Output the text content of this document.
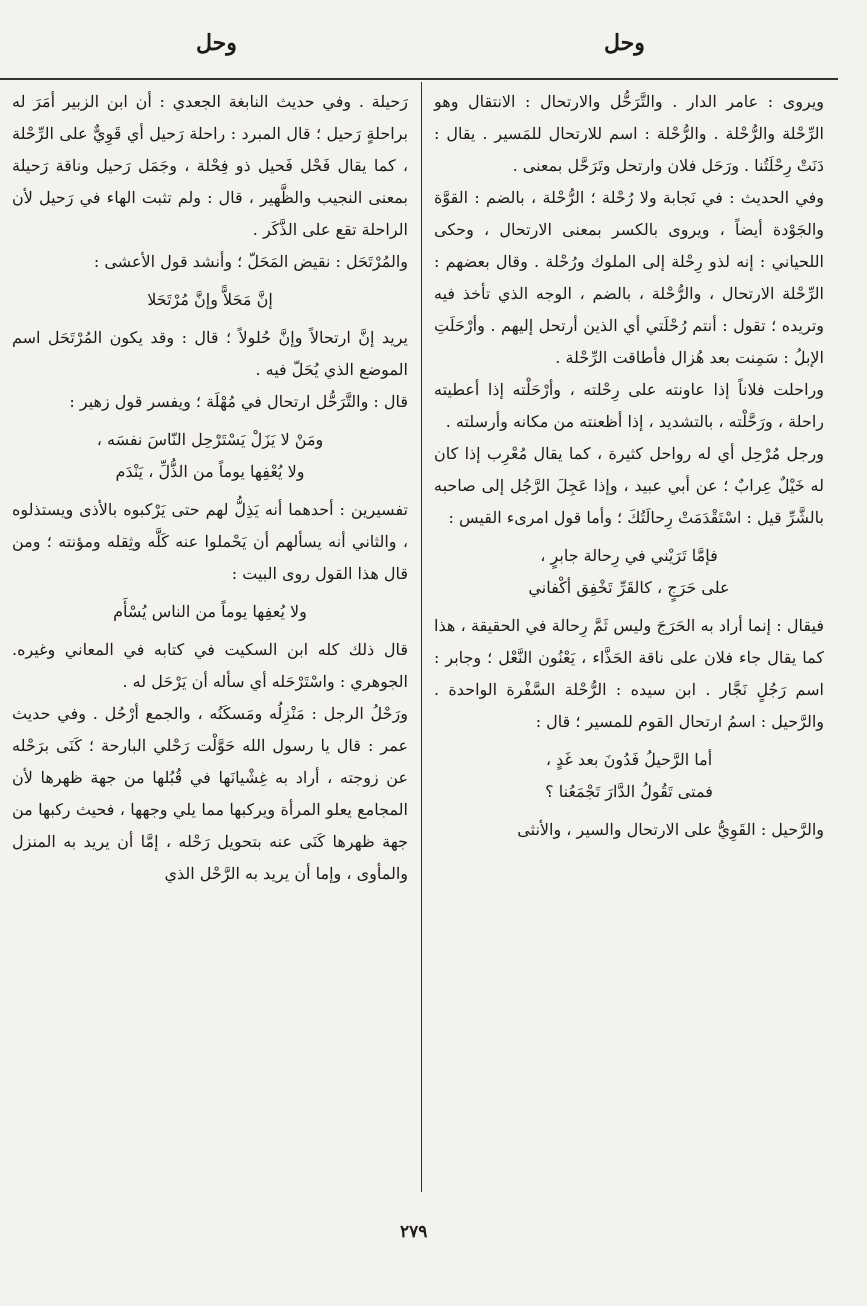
وحل
وحل

ويروى : عامر الدار . والتَّرَحُّل والارتحال : الانتقال وهو الرِّحْلة والرُّحْلة . والرُّحْلة : اسم للارتحال للمَسير . يقال : دَنَتْ رِحْلَتُنا . ورَحَل فلان وارتحل وتَرَحَّل بمعنى .

وفي الحديث : في نَجابة ولا رُحْلة ؛ الرُّحْلة ، بالضم : القوَّة والجَوْدة أيضاً ، ويروى بالكسر بمعنى الارتحال ، وحكى اللحياني : إنه لذو رِحْلة إلى الملوك ورُحْلة . وقال بعضهم : الرِّحْلة الارتحال ، والرُّحْلة ، بالضم ، الوجه الذي تأخذ فيه وتريده ؛ تقول : أنتم رُحْلَتي أي الذين أرتحل إليهم . وأرْحَلَتِ الإبلُ : سَمِنت بعد هُزال فأطاقت الرِّحْلة .

وراحلت فلاناً إذا عاونته على رِحْلته ، وأرْحَلْته إذا أعطيته راحلة ، ورَحَّلْته ، بالتشديد ، إذا أظعنته من مكانه وأرسلته .

ورجل مُرْحِل أي له رواحل كثيرة ، كما يقال مُعْرِب إذا كان له خَيْلٌ عِرابٌ ؛ عن أبي عبيد ، وإذا عَجِلَ الرَّجُل إلى صاحبه بالشَّرِّ قيل : اسْتَقْدَمَتْ رِحالَتُكَ ؛ وأما قول امرىء القيس :

فإمَّا تَرَيْني في رِحالة جابرٍ ،
على حَرَجٍ ، كالقَرِّ تَخْفِق أكْفاني

فيقال : إنما أراد به الحَرَجَ وليس ثَمَّ رِحالة في الحقيقة ، هذا كما يقال جاء فلان على ناقة الحَذَّاء ، يَعْنُون النَّعْل ؛ وجابر : اسم رَجُلٍ نَجَّار . ابن سيده : الرُّحْلة السَّفْرة الواحدة . والرَّحيل : اسمُ ارتحال القوم للمسير ؛ قال :

أما الرَّحيلُ فَدُونَ بعد غَدٍ ،
فمتى تَقُولُ الدَّارَ تَجْمَعُنا ؟

والرَّحيل : القَوِيُّ على الارتحال والسير ، والأنثى

رَحيلة . وفي حديث النابغة الجعدي : أن ابن الزبير أمَرَ له براحلةٍ رَحيل ؛ قال المبرد : راحلة رَحيل أي قَوِيٌّ على الرِّحْلة ، كما يقال فَحْل فَحيل ذو فِحْلة ، وجَمَل رَحيل وناقة رَحيلة بمعنى النجيب والظَّهير ، قال : ولم تثبت الهاء في رَحيل لأن الراحلة تقع على الذَّكَر .

والمُرْتَحَل : نقيض المَحَلّ ؛ وأنشد قول الأعشى :

إنَّ مَحَلاًّ وإنَّ مُرْتَحَلا

يريد إنَّ ارتحالاً وإنَّ حُلولاً ؛ قال : وقد يكون المُرْتَحَل اسم الموضع الذي يُحَلّ فيه .

قال : والتَّرَحُّل ارتحال في مُهْلَة ؛ ويفسر قول زهير :

ومَنْ لا يَزَلْ يَسْتَرْحِل النّاسَ نفسَه ،
ولا يُعْفِها يوماً من الذُّلِّ ، يَنْدَم

تفسيرين : أحدهما أنه يَذِلُّ لهم حتى يَرْكبوه بالأذى ويستذلوه ، والثاني أنه يسألهم أن يَحْملوا عنه كَلَّه وثِقله ومؤنته ؛ ومن قال هذا القول روى البيت :

ولا يُعفِها يوماً من الناس يُسْأَم

قال ذلك كله ابن السكيت في كتابه في المعاني وغيره. الجوهري : واسْتَرْحَله أي سأله أن يَرْحَل له .

ورَحْلُ الرجل : مَنْزِلُه ومَسكَنُه ، والجمع أرْحُل . وفي حديث عمر : قال يا رسول الله حَوَّلْت رَحْلي البارحة ؛ كَنَى برَحْله عن زوجته ، أراد به غِشْيانَها في قُبُلها من جهة ظهرها لأن المجامع يعلو المرأة ويركبها مما يلي وجهها ، فحيث ركبها من جهة ظهرها كَنَى عنه بتحويل رَحْله ، إمَّا أن يريد به المنزل والمأوى ، وإما أن يريد به الرَّحْل الذي

٢٧٩
